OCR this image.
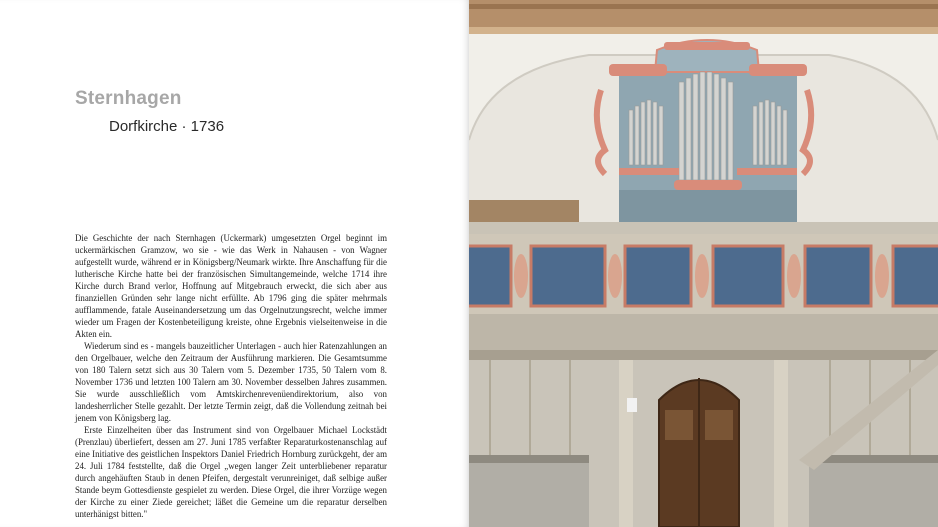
Sternhagen
Dorfkirche · 1736

Die Geschichte der nach Sternhagen (Uckermark) umgesetzten Orgel beginnt im uckermärkischen Gramzow, wo sie - wie das Werk in Nahausen - von Wagner aufgestellt wurde, während er in Königsberg/Neumark wirkte. Ihre Anschaffung für die lutherische Kirche hatte bei der französischen Simultangemeinde, welche 1714 ihre Kirche durch Brand verlor, Hoffnung auf Mitgebrauch erweckt, die sich aber aus finanziellen Gründen sehr lange nicht erfüllte. Ab 1796 ging die später mehrmals aufflammende, fatale Auseinandersetzung um das Orgelnutzungsrecht, welche immer wieder um Fragen der Kostenbeteiligung kreiste, ohne Ergebnis vielseitenweise in die Akten ein.

Wiederum sind es - mangels bauzeitlicher Unterlagen - auch hier Ratenzahlungen an den Orgelbauer, welche den Zeitraum der Ausführung markieren. Die Gesamtsumme von 180 Talern setzt sich aus 30 Talern vom 5. Dezember 1735, 50 Talern vom 8. November 1736 und letzten 100 Talern am 30. November desselben Jahres zusammen. Sie wurde ausschließlich vom Amtskirchenrevenüendirektorium, also von landesherrlicher Stelle gezahlt. Der letzte Termin zeigt, daß die Vollendung zeitnah bei jenem von Königsberg lag.

Erste Einzelheiten über das Instrument sind von Orgelbauer Michael Lockstädt (Prenzlau) überliefert, dessen am 27. Juni 1785 verfaßter Reparaturkostenanschlag auf eine Initiative des geistlichen Inspektors Daniel Friedrich Hornburg zurückgeht, der am 24. Juli 1784 feststellte, daß die Orgel „wegen langer Zeit unterbliebener reparatur durch angehäuften Staub in denen Pfeifen, dergestalt verunreiniget, daß selbige außer Stande beym Gottesdienste gespielet zu werden. Diese Orgel, die ihrer Vorzüge wegen der Kirche zu einer Ziede gereichet; läßet die Gemeine um die reparatur derselben unterhänigst bitten."
